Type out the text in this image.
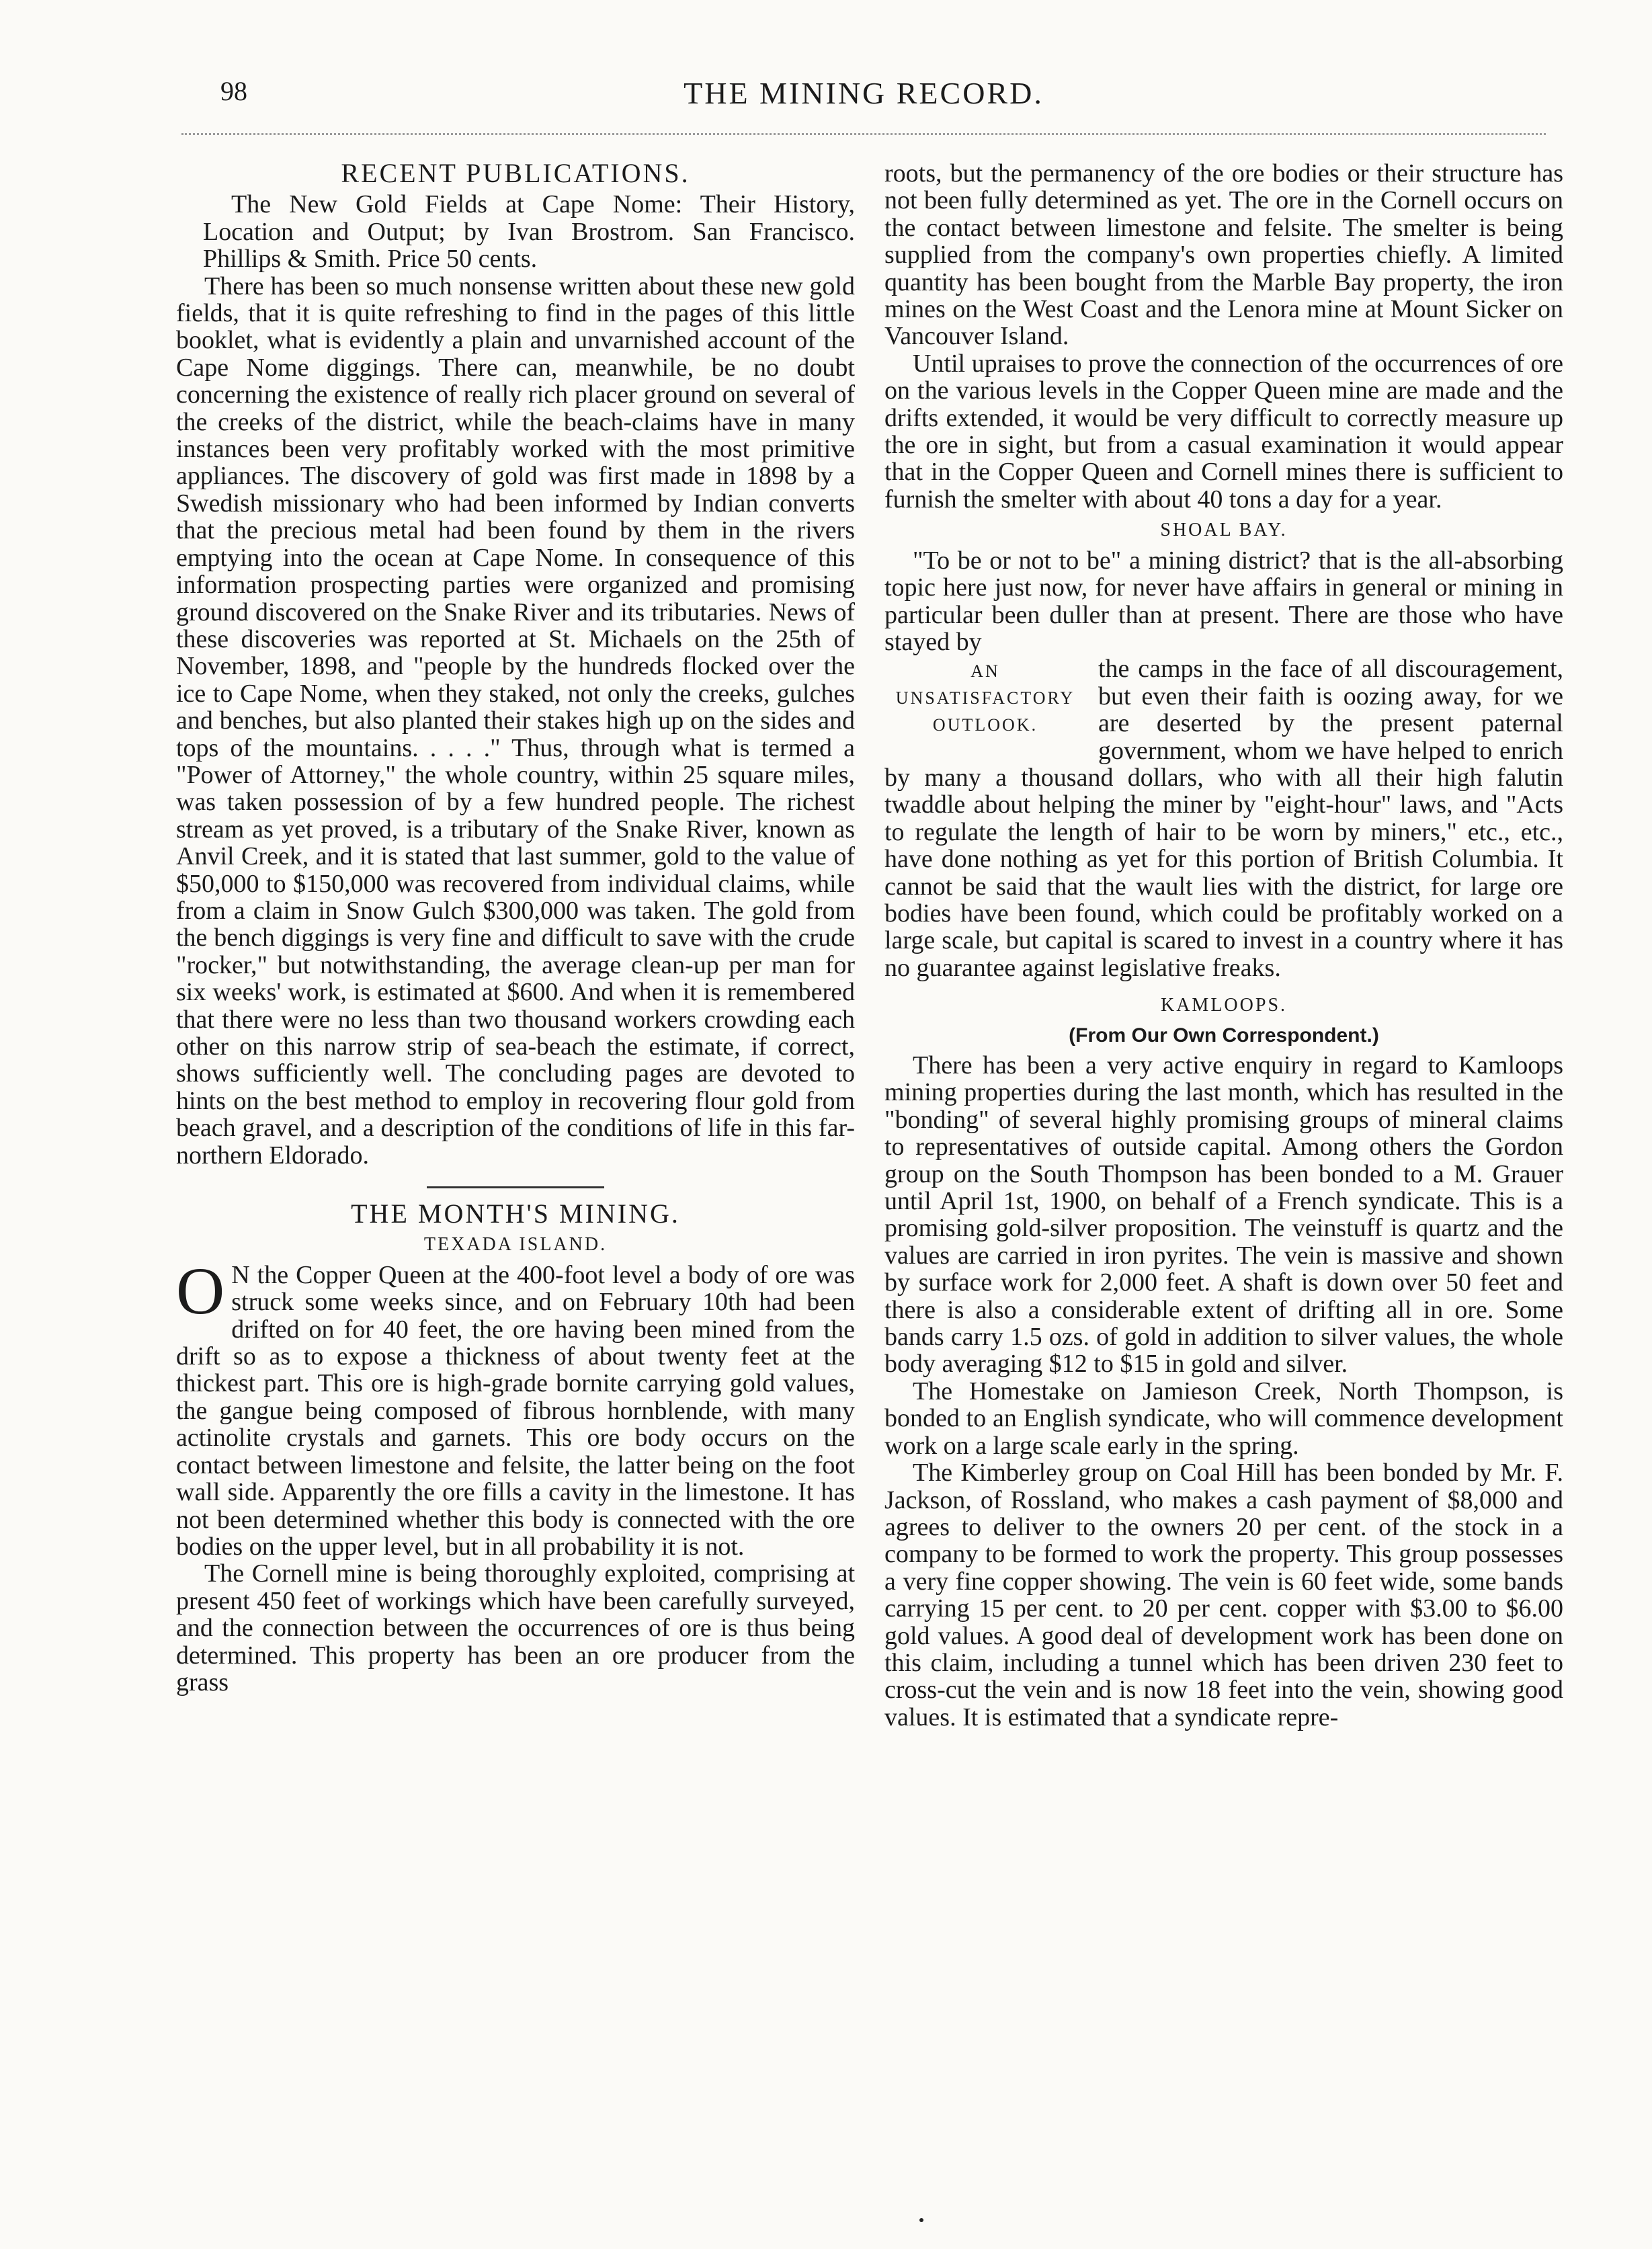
98	THE MINING RECORD.
RECENT PUBLICATIONS.

The New Gold Fields at Cape Nome: Their History, Location and Output; by Ivan Brostrom. San Francisco. Phillips & Smith. Price 50 cents.

There has been so much nonsense written about these new gold fields, that it is quite refreshing to find in the pages of this little booklet, what is evidently a plain and unvarnished account of the Cape Nome diggings. There can, meanwhile, be no doubt concerning the existence of really rich placer ground on several of the creeks of the district, while the beach-claims have in many instances been very profitably worked with the most primitive appliances. The discovery of gold was first made in 1898 by a Swedish missionary who had been informed by Indian converts that the precious metal had been found by them in the rivers emptying into the ocean at Cape Nome. In consequence of this information prospecting parties were organized and promising ground discovered on the Snake River and its tributaries. News of these discoveries was reported at St. Michaels on the 25th of November, 1898, and "people by the hundreds flocked over the ice to Cape Nome, when they staked, not only the creeks, gulches and benches, but also planted their stakes high up on the sides and tops of the mountains. . . . ." Thus, through what is termed a "Power of Attorney," the whole country, within 25 square miles, was taken possession of by a few hundred people. The richest stream as yet proved, is a tributary of the Snake River, known as Anvil Creek, and it is stated that last summer, gold to the value of $50,000 to $150,000 was recovered from individual claims, while from a claim in Snow Gulch $300,000 was taken. The gold from the bench diggings is very fine and difficult to save with the crude "rocker," but notwithstanding, the average clean-up per man for six weeks' work, is estimated at $600. And when it is remembered that there were no less than two thousand workers crowding each other on this narrow strip of sea-beach the estimate, if correct, shows sufficiently well. The concluding pages are devoted to hints on the best method to employ in recovering flour gold from beach gravel, and a description of the conditions of life in this far-northern Eldorado.

THE MONTH'S MINING.
TEXADA ISLAND.

O N the Copper Queen at the 400-foot level a body of ore was struck some weeks since, and on February 10th had been drifted on for 40 feet, the ore having been mined from the drift so as to expose a thickness of about twenty feet at the thickest part. This ore is high-grade bornite carrying gold values, the gangue being composed of fibrous hornblende, with many actinolite crystals and garnets. This ore body occurs on the contact between limestone and felsite, the latter being on the foot wall side. Apparently the ore fills a cavity in the limestone. It has not been determined whether this body is connected with the ore bodies on the upper level, but in all probability it is not.

The Cornell mine is being thoroughly exploited, comprising at present 450 feet of workings which have been carefully surveyed, and the connection between the occurrences of ore is thus being determined. This property has been an ore producer from the grass

roots, but the permanency of the ore bodies or their structure has not been fully determined as yet. The ore in the Cornell occurs on the contact between limestone and felsite. The smelter is being supplied from the company's own properties chiefly. A limited quantity has been bought from the Marble Bay property, the iron mines on the West Coast and the Lenora mine at Mount Sicker on Vancouver Island.

Until upraises to prove the connection of the occurrences of ore on the various levels in the Copper Queen mine are made and the drifts extended, it would be very difficult to correctly measure up the ore in sight, but from a casual examination it would appear that in the Copper Queen and Cornell mines there is sufficient to furnish the smelter with about 40 tons a day for a year.

SHOAL BAY.

"To be or not to be" a mining district? that is the all-absorbing topic here just now, for never have affairs in general or mining in particular been duller than at present. There are those who have stayed by

AN UNSATISFACTORY OUTLOOK.
the camps in the face of all discouragement, but even their faith is oozing away, for we are deserted by the present paternal government, whom we have helped to enrich by many a thousand dollars, who with all their high falutin twaddle about helping the miner by "eight-hour" laws, and "Acts to regulate the length of hair to be worn by miners," etc., etc., have done nothing as yet for this portion of British Columbia. It cannot be said that the wault lies with the district, for large ore bodies have been found, which could be profitably worked on a large scale, but capital is scared to invest in a country where it has no guarantee against legislative freaks.

KAMLOOPS.
(From Our Own Correspondent.)

There has been a very active enquiry in regard to Kamloops mining properties during the last month, which has resulted in the "bonding" of several highly promising groups of mineral claims to representatives of outside capital. Among others the Gordon group on the South Thompson has been bonded to a M. Grauer until April 1st, 1900, on behalf of a French syndicate. This is a promising gold-silver proposition. The veinstuff is quartz and the values are carried in iron pyrites. The vein is massive and shown by surface work for 2,000 feet. A shaft is down over 50 feet and there is also a considerable extent of drifting all in ore. Some bands carry 1.5 ozs. of gold in addition to silver values, the whole body averaging $12 to $15 in gold and silver.

The Homestake on Jamieson Creek, North Thompson, is bonded to an English syndicate, who will commence development work on a large scale early in the spring.

The Kimberley group on Coal Hill has been bonded by Mr. F. Jackson, of Rossland, who makes a cash payment of $8,000 and agrees to deliver to the owners 20 per cent. of the stock in a company to be formed to work the property. This group possesses a very fine copper showing. The vein is 60 feet wide, some bands carrying 15 per cent. to 20 per cent. copper with $3.00 to $6.00 gold values. A good deal of development work has been done on this claim, including a tunnel which has been driven 230 feet to cross-cut the vein and is now 18 feet into the vein, showing good values. It is estimated that a syndicate repre-
